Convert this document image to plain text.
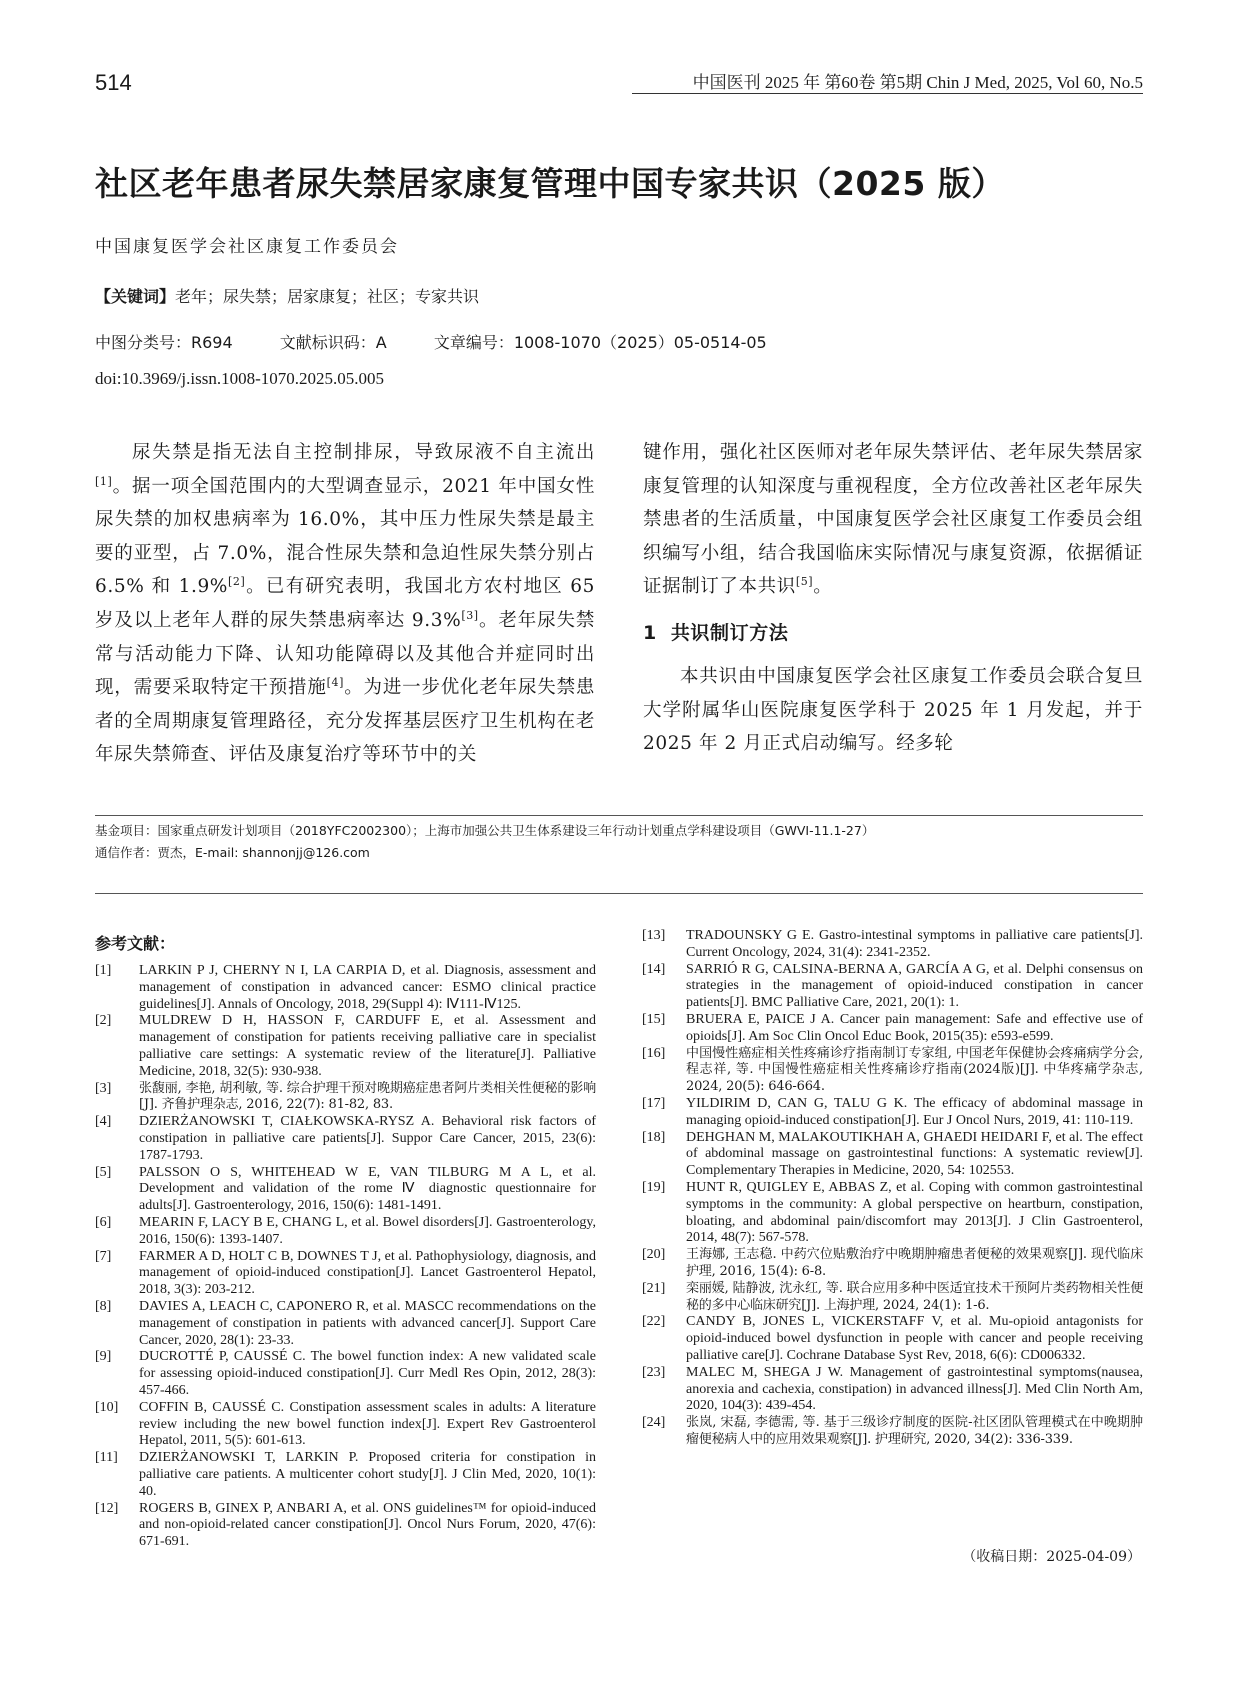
514	中国医刊 2025 年 第60卷 第5期 Chin J Med, 2025, Vol 60, No.5
社区老年患者尿失禁居家康复管理中国专家共识（2025 版）
中国康复医学会社区康复工作委员会
【关键词】老年；尿失禁；居家康复；社区；专家共识
中图分类号：R694	文献标识码：A	文章编号：1008-1070（2025）05-0514-05
doi:10.3969/j.issn.1008-1070.2025.05.005

尿失禁是指无法自主控制排尿，导致尿液不自主流出[1]。据一项全国范围内的大型调查显示，2021 年中国女性尿失禁的加权患病率为 16.0%，其中压力性尿失禁是最主要的亚型，占 7.0%，混合性尿失禁和急迫性尿失禁分别占 6.5% 和 1.9%[2]。已有研究表明，我国北方农村地区 65 岁及以上老年人群的尿失禁患病率达 9.3%[3]。老年尿失禁常与活动能力下降、认知功能障碍以及其他合并症同时出现，需要采取特定干预措施[4]。为进一步优化老年尿失禁患者的全周期康复管理路径，充分发挥基层医疗卫生机构在老年尿失禁筛查、评估及康复治疗等环节中的关

键作用，强化社区医师对老年尿失禁评估、老年尿失禁居家康复管理的认知深度与重视程度，全方位改善社区老年尿失禁患者的生活质量，中国康复医学会社区康复工作委员会组织编写小组，结合我国临床实际情况与康复资源，依据循证证据制订了本共识[5]。

1 共识制订方法

本共识由中国康复医学会社区康复工作委员会联合复旦大学附属华山医院康复医学科于 2025 年 1 月发起，并于 2025 年 2 月正式启动编写。经多轮

基金项目：国家重点研发计划项目（2018YFC2002300）；上海市加强公共卫生体系建设三年行动计划重点学科建设项目（GWVI-11.1-27）
通信作者：贾杰，E-mail: shannonjj@126.com
参考文献：
[1]	LARKIN P J, CHERNY N I, LA CARPIA D, et al. Diagnosis, assessment and management of constipation in advanced cancer: ESMO clinical practice guidelines[J]. Annals of Oncology, 2018, 29(Suppl 4): Ⅳ111-Ⅳ125.
[2]	MULDREW D H, HASSON F, CARDUFF E, et al. Assessment and management of constipation for patients receiving palliative care in specialist palliative care settings: A systematic review of the literature[J]. Palliative Medicine, 2018, 32(5): 930-938.
[3]	张馥丽, 李艳, 胡利敏, 等. 综合护理干预对晚期癌症患者阿片类相关性便秘的影响[J]. 齐鲁护理杂志, 2016, 22(7): 81-82, 83.
[4]	DZIERŻANOWSKI T, CIAŁKOWSKA-RYSZ A. Behavioral risk factors of constipation in palliative care patients[J]. Suppor Care Cancer, 2015, 23(6): 1787-1793.
[5]	PALSSON O S, WHITEHEAD W E, VAN TILBURG M A L, et al. Development and validation of the rome Ⅳ diagnostic questionnaire for adults[J]. Gastroenterology, 2016, 150(6): 1481-1491.
[6]	MEARIN F, LACY B E, CHANG L, et al. Bowel disorders[J]. Gastroenterology, 2016, 150(6): 1393-1407.
[7]	FARMER A D, HOLT C B, DOWNES T J, et al. Pathophysiology, diagnosis, and management of opioid-induced constipation[J]. Lancet Gastroenterol Hepatol, 2018, 3(3): 203-212.
[8]	DAVIES A, LEACH C, CAPONERO R, et al. MASCC recommendations on the management of constipation in patients with advanced cancer[J]. Support Care Cancer, 2020, 28(1): 23-33.
[9]	DUCROTTÉ P, CAUSSÉ C. The bowel function index: A new validated scale for assessing opioid-induced constipation[J]. Curr Medl Res Opin, 2012, 28(3): 457-466.
[10]	COFFIN B, CAUSSÉ C. Constipation assessment scales in adults: A literature review including the new bowel function index[J]. Expert Rev Gastroenterol Hepatol, 2011, 5(5): 601-613.
[11]	DZIERŻANOWSKI T, LARKIN P. Proposed criteria for constipation in palliative care patients. A multicenter cohort study[J]. J Clin Med, 2020, 10(1): 40.
[12]	ROGERS B, GINEX P, ANBARI A, et al. ONS guidelines™ for opioid-induced and non-opioid-related cancer constipation[J]. Oncol Nurs Forum, 2020, 47(6): 671-691.
[13]	TRADOUNSKY G E. Gastro-intestinal symptoms in palliative care patients[J]. Current Oncology, 2024, 31(4): 2341-2352.
[14]	SARRIÓ R G, CALSINA-BERNA A, GARCÍA A G, et al. Delphi consensus on strategies in the management of opioid-induced constipation in cancer patients[J]. BMC Palliative Care, 2021, 20(1): 1.
[15]	BRUERA E, PAICE J A. Cancer pain management: Safe and effective use of opioids[J]. Am Soc Clin Oncol Educ Book, 2015(35): e593-e599.
[16]	中国慢性癌症相关性疼痛诊疗指南制订专家组, 中国老年保健协会疼痛病学分会, 程志祥, 等. 中国慢性癌症相关性疼痛诊疗指南(2024版)[J]. 中华疼痛学杂志, 2024, 20(5): 646-664.
[17]	YILDIRIM D, CAN G, TALU G K. The efficacy of abdominal massage in managing opioid-induced constipation[J]. Eur J Oncol Nurs, 2019, 41: 110-119.
[18]	DEHGHAN M, MALAKOUTIKHAH A, GHAEDI HEIDARI F, et al. The effect of abdominal massage on gastrointestinal functions: A systematic review[J]. Complementary Therapies in Medicine, 2020, 54: 102553.
[19]	HUNT R, QUIGLEY E, ABBAS Z, et al. Coping with common gastrointestinal symptoms in the community: A global perspective on heartburn, constipation, bloating, and abdominal pain/discomfort may 2013[J]. J Clin Gastroenterol, 2014, 48(7): 567-578.
[20]	王海娜, 王志稳. 中药穴位贴敷治疗中晚期肿瘤患者便秘的效果观察[J]. 现代临床护理, 2016, 15(4): 6-8.
[21]	栾丽媛, 陆静波, 沈永红, 等. 联合应用多种中医适宜技术干预阿片类药物相关性便秘的多中心临床研究[J]. 上海护理, 2024, 24(1): 1-6.
[22]	CANDY B, JONES L, VICKERSTAFF V, et al. Mu-opioid antagonists for opioid-induced bowel dysfunction in people with cancer and people receiving palliative care[J]. Cochrane Database Syst Rev, 2018, 6(6): CD006332.
[23]	MALEC M, SHEGA J W. Management of gastrointestinal symptoms(nausea, anorexia and cachexia, constipation) in advanced illness[J]. Med Clin North Am, 2020, 104(3): 439-454.
[24]	张岚, 宋磊, 李德需, 等. 基于三级诊疗制度的医院-社区团队管理模式在中晚期肿瘤便秘病人中的应用效果观察[J]. 护理研究, 2020, 34(2): 336-339.
（收稿日期：2025-04-09）
